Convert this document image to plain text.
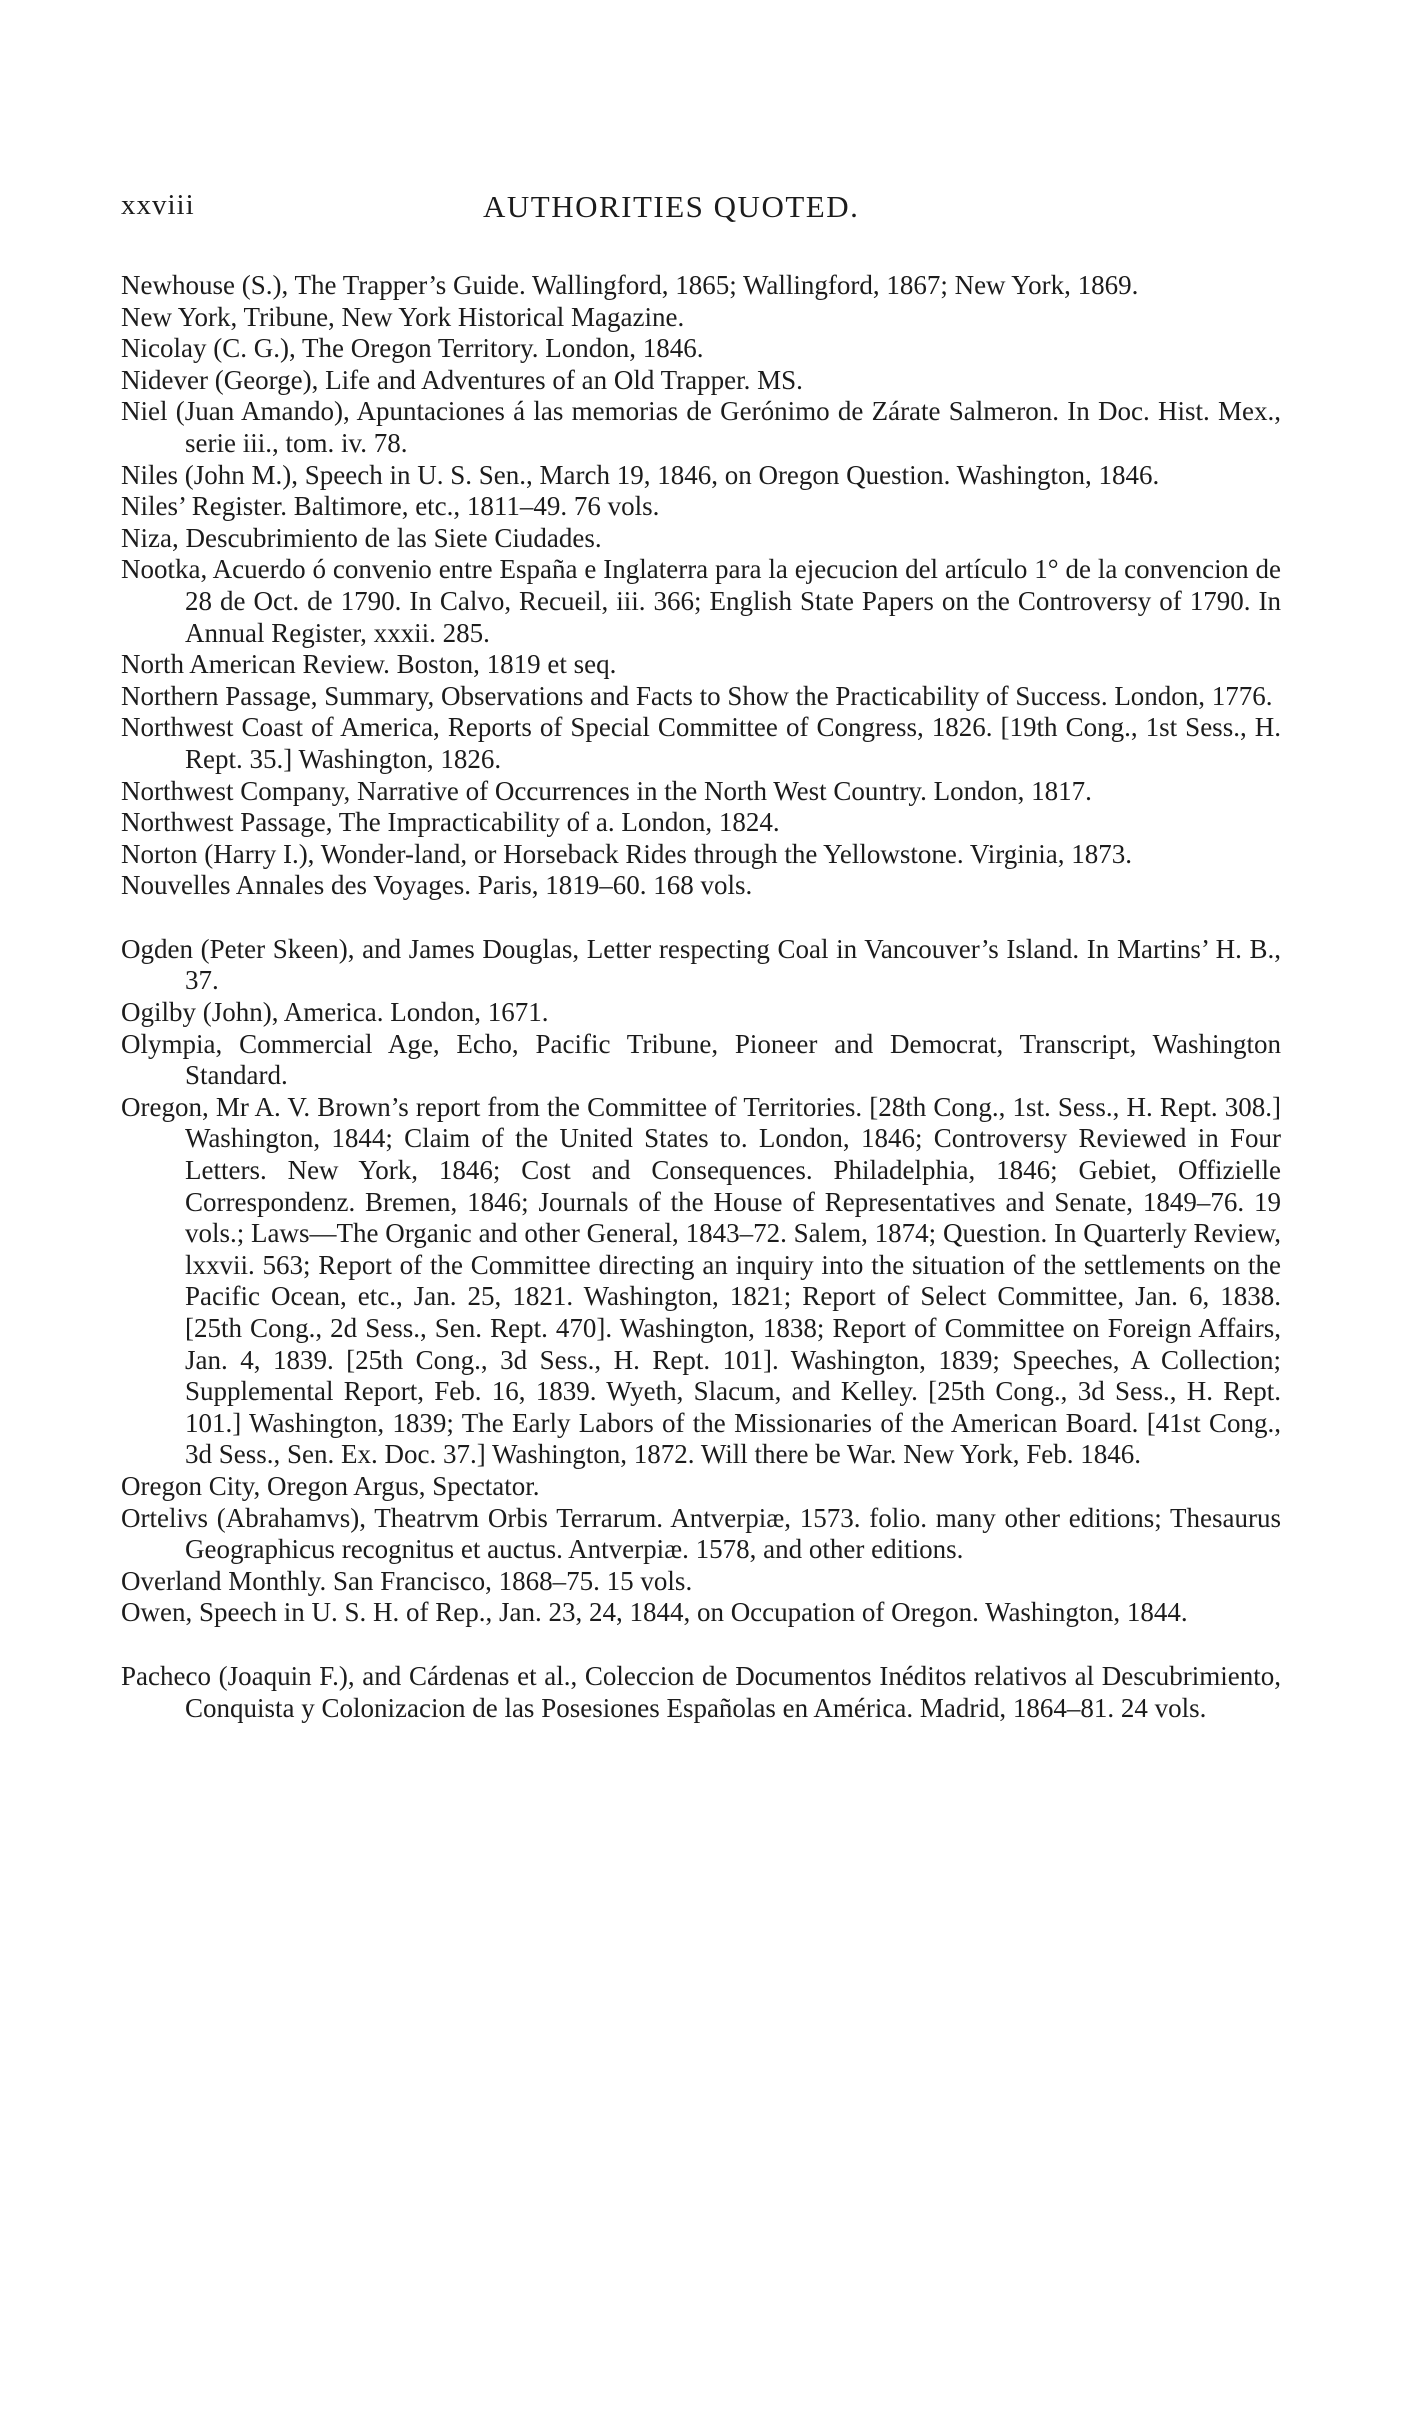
xxviii	AUTHORITIES QUOTED.

Newhouse (S.), The Trapper’s Guide. Wallingford, 1865; Wallingford, 1867; New York, 1869.

New York, Tribune, New York Historical Magazine.

Nicolay (C. G.), The Oregon Territory. London, 1846.

Nidever (George), Life and Adventures of an Old Trapper. MS.

Niel (Juan Amando), Apuntaciones á las memorias de Gerónimo de Zárate Salmeron. In Doc. Hist. Mex., serie iii., tom. iv. 78.

Niles (John M.), Speech in U. S. Sen., March 19, 1846, on Oregon Question. Washington, 1846.

Niles’ Register. Baltimore, etc., 1811–49. 76 vols.

Niza, Descubrimiento de las Siete Ciudades.

Nootka, Acuerdo ó convenio entre España e Inglaterra para la ejecucion del artículo 1° de la convencion de 28 de Oct. de 1790. In Calvo, Recueil, iii. 366; English State Papers on the Controversy of 1790. In Annual Register, xxxii. 285.

North American Review. Boston, 1819 et seq.

Northern Passage, Summary, Observations and Facts to Show the Practicability of Success. London, 1776.

Northwest Coast of America, Reports of Special Committee of Congress, 1826. [19th Cong., 1st Sess., H. Rept. 35.] Washington, 1826.

Northwest Company, Narrative of Occurrences in the North West Country. London, 1817.

Northwest Passage, The Impracticability of a. London, 1824.

Norton (Harry I.), Wonder-land, or Horseback Rides through the Yellowstone. Virginia, 1873.

Nouvelles Annales des Voyages. Paris, 1819–60. 168 vols.

Ogden (Peter Skeen), and James Douglas, Letter respecting Coal in Vancouver’s Island. In Martins’ H. B., 37.

Ogilby (John), America. London, 1671.

Olympia, Commercial Age, Echo, Pacific Tribune, Pioneer and Democrat, Transcript, Washington Standard.

Oregon, Mr A. V. Brown’s report from the Committee of Territories. [28th Cong., 1st. Sess., H. Rept. 308.] Washington, 1844; Claim of the United States to. London, 1846; Controversy Reviewed in Four Letters. New York, 1846; Cost and Consequences. Philadelphia, 1846; Gebiet, Offizielle Correspondenz. Bremen, 1846; Journals of the House of Representatives and Senate, 1849–76. 19 vols.; Laws—The Organic and other General, 1843–72. Salem, 1874; Question. In Quarterly Review, lxxvii. 563; Report of the Committee directing an inquiry into the situation of the settlements on the Pacific Ocean, etc., Jan. 25, 1821. Washington, 1821; Report of Select Committee, Jan. 6, 1838. [25th Cong., 2d Sess., Sen. Rept. 470]. Washington, 1838; Report of Committee on Foreign Affairs, Jan. 4, 1839. [25th Cong., 3d Sess., H. Rept. 101]. Washington, 1839; Speeches, A Collection; Supplemental Report, Feb. 16, 1839. Wyeth, Slacum, and Kelley. [25th Cong., 3d Sess., H. Rept. 101.] Washington, 1839; The Early Labors of the Missionaries of the American Board. [41st Cong., 3d Sess., Sen. Ex. Doc. 37.] Washington, 1872. Will there be War. New York, Feb. 1846.

Oregon City, Oregon Argus, Spectator.

Ortelivs (Abrahamvs), Theatrvm Orbis Terrarum. Antverpiæ, 1573. folio. many other editions; Thesaurus Geographicus recognitus et auctus. Antverpiæ. 1578, and other editions.

Overland Monthly. San Francisco, 1868–75. 15 vols.

Owen, Speech in U. S. H. of Rep., Jan. 23, 24, 1844, on Occupation of Oregon. Washington, 1844.

Pacheco (Joaquin F.), and Cárdenas et al., Coleccion de Documentos Inéditos relativos al Descubrimiento, Conquista y Colonizacion de las Posesiones Españolas en América. Madrid, 1864–81. 24 vols.
